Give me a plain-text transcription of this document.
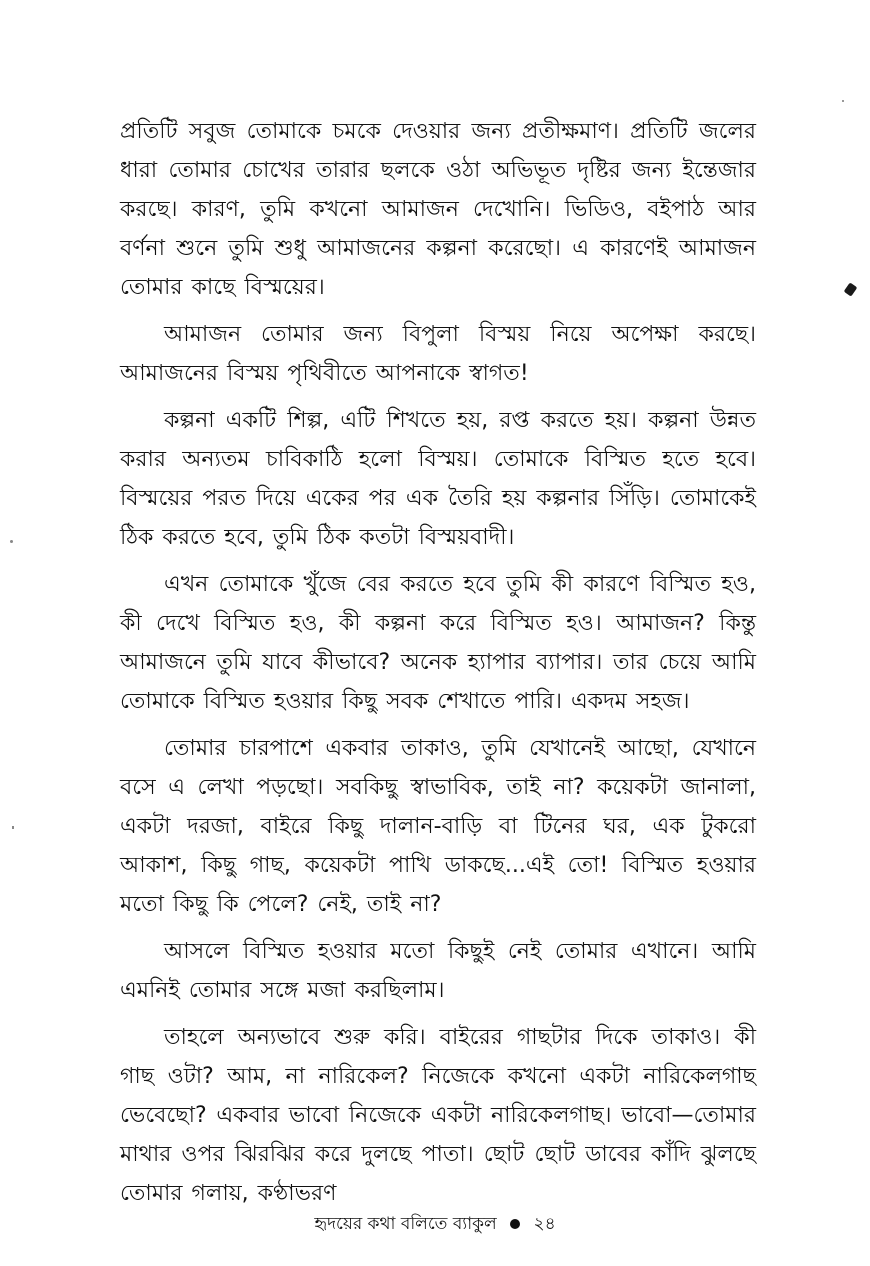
প্রতিটি সবুজ তোমাকে চমকে দেওয়ার জন্য প্রতীক্ষমাণ। প্রতিটি জলের ধারা তোমার চোখের তারার ছলকে ওঠা অভিভূত দৃষ্টির জন্য ইন্তেজার করছে। কারণ, তুমি কখনো আমাজন দেখোনি। ভিডিও, বইপাঠ আর বর্ণনা শুনে তুমি শুধু আমাজনের কল্পনা করেছো। এ কারণেই আমাজন তোমার কাছে বিস্ময়ের।

আমাজন তোমার জন্য বিপুলা বিস্ময় নিয়ে অপেক্ষা করছে। আমাজনের বিস্ময় পৃথিবীতে আপনাকে স্বাগত!

কল্পনা একটি শিল্প, এটি শিখতে হয়, রপ্ত করতে হয়। কল্পনা উন্নত করার অন্যতম চাবিকাঠি হলো বিস্ময়। তোমাকে বিস্মিত হতে হবে। বিস্ময়ের পরত দিয়ে একের পর এক তৈরি হয় কল্পনার সিঁড়ি। তোমাকেই ঠিক করতে হবে, তুমি ঠিক কতটা বিস্ময়বাদী।

এখন তোমাকে খুঁজে বের করতে হবে তুমি কী কারণে বিস্মিত হও, কী দেখে বিস্মিত হও, কী কল্পনা করে বিস্মিত হও। আমাজন? কিন্তু আমাজনে তুমি যাবে কীভাবে? অনেক হ্যাপার ব্যাপার। তার চেয়ে আমি তোমাকে বিস্মিত হওয়ার কিছু সবক শেখাতে পারি। একদম সহজ।

তোমার চারপাশে একবার তাকাও, তুমি যেখানেই আছো, যেখানে বসে এ লেখা পড়ছো। সবকিছু স্বাভাবিক, তাই না? কয়েকটা জানালা, একটা দরজা, বাইরে কিছু দালান-বাড়ি বা টিনের ঘর, এক টুকরো আকাশ, কিছু গাছ, কয়েকটা পাখি ডাকছে...এই তো! বিস্মিত হওয়ার মতো কিছু কি পেলে? নেই, তাই না?

আসলে বিস্মিত হওয়ার মতো কিছুই নেই তোমার এখানে। আমি এমনিই তোমার সঙ্গে মজা করছিলাম।

তাহলে অন্যভাবে শুরু করি। বাইরের গাছটার দিকে তাকাও। কী গাছ ওটা? আম, না নারিকেল? নিজেকে কখনো একটা নারিকেলগাছ ভেবেছো? একবার ভাবো নিজেকে একটা নারিকেলগাছ। ভাবো—তোমার মাথার ওপর ঝিরঝির করে দুলছে পাতা। ছোট ছোট ডাবের কাঁদি ঝুলছে তোমার গলায়, কণ্ঠাভরণ

হৃদয়ের কথা বলিতে ব্যাকুল ২৪
